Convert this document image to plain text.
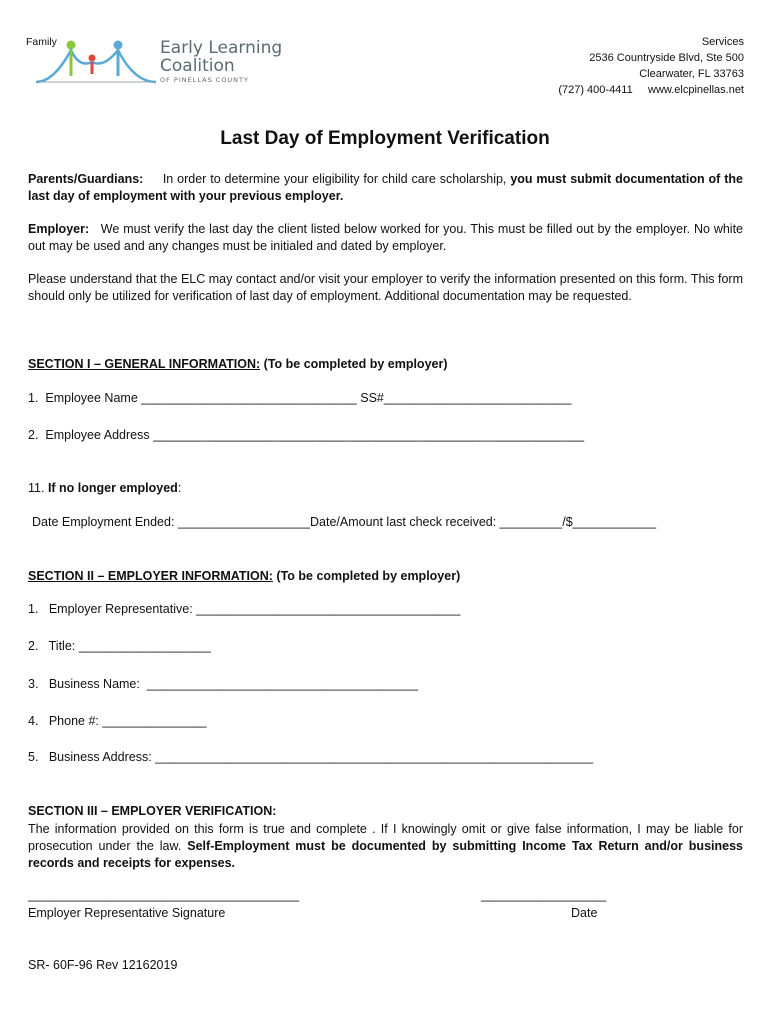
Family	Early Learning
Coalition
OF PINELLAS COUNTY
Services
2536 Countryside Blvd, Ste 500
Clearwater, FL 33763
(727) 400-4411 www.elcpinellas.net
Last Day of Employment Verification
Parents/Guardians: In order to determine your eligibility for child care scholarship, you must submit documentation of the last day of employment with your previous employer.
Employer: We must verify the last day the client listed below worked for you. This must be filled out by the employer. No white out may be used and any changes must be initialed and dated by employer.
Please understand that the ELC may contact and/or visit your employer to verify the information presented on this form. This form should only be utilized for verification of last day of employment. Additional documentation may be requested.
SECTION I – GENERAL INFORMATION: (To be completed by employer)
1.  Employee Name _______________________________ SS#___________________________
2.  Employee Address ______________________________________________________________
11. If no longer employed:
Date Employment Ended: ___________________Date/Amount last check received: _________/$____________
SECTION II – EMPLOYER INFORMATION: (To be completed by employer)
1.   Employer Representative: ______________________________________
2.   Title: ___________________
3.   Business Name:  _______________________________________
4.   Phone #: _______________
5.   Business Address: _______________________________________________________________
SECTION III – EMPLOYER VERIFICATION:
The information provided on this form is true and complete . If I knowingly omit or give false information, I may be liable for prosecution under the law. Self-Employment must be documented by submitting Income Tax Return and/or business records and receipts for expenses.
_______________________________________
Employer Representative Signature
__________________
Date
SR- 60F-96 Rev 12162019
